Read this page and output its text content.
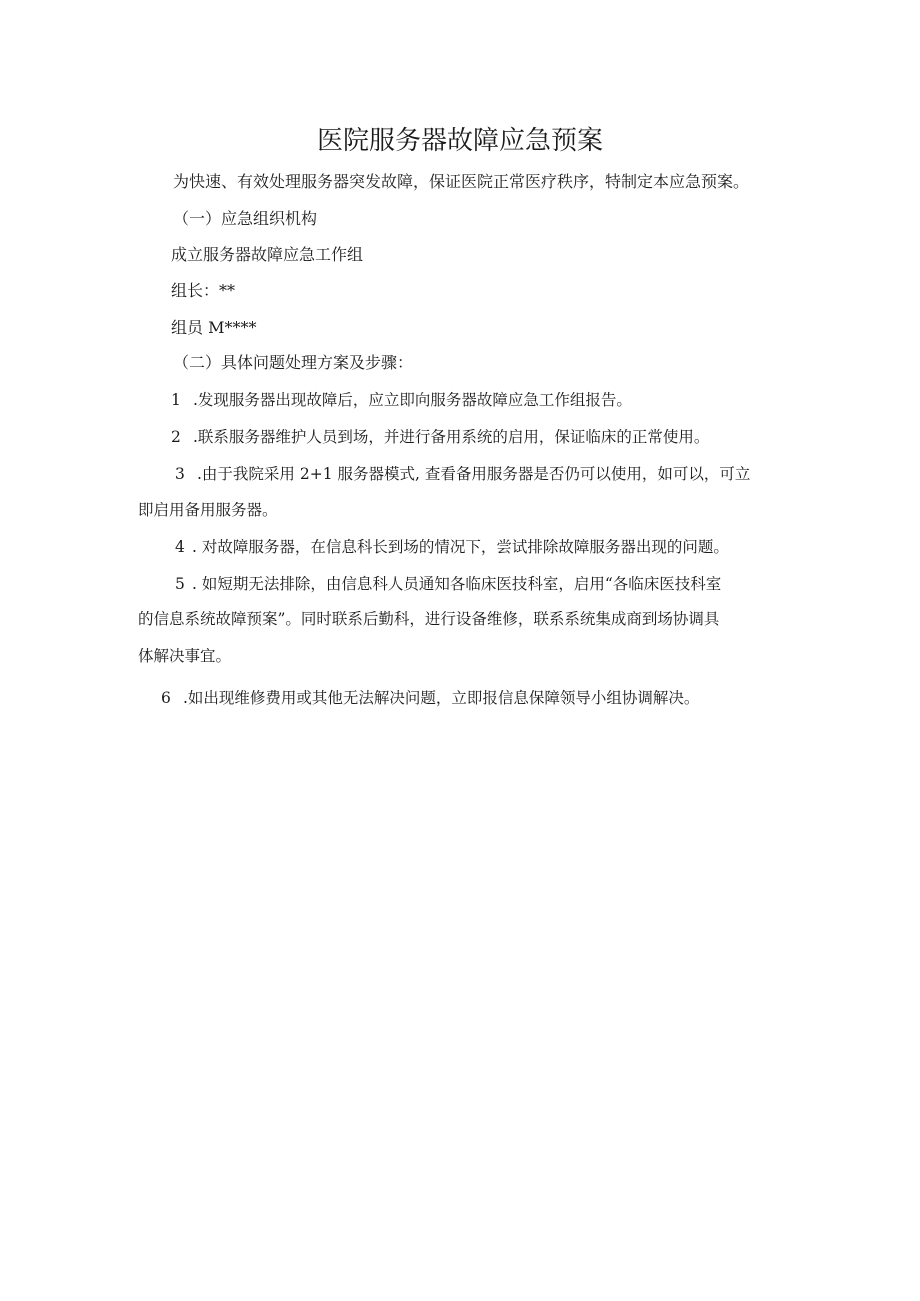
医院服务器故障应急预案
为快速、有效处理服务器突发故障，保证医院正常医疗秩序，特制定本应急预案。
（一）应急组织机构
成立服务器故障应急工作组
组长：**
组员 M****
（二）具体问题处理方案及步骤：
1 .发现服务器出现故障后，应立即向服务器故障应急工作组报告。
2 .联系服务器维护人员到场，并进行备用系统的启用，保证临床的正常使用。
3 .由于我院采用 2+1 服务器模式, 查看备用服务器是否仍可以使用，如可以，可立
即启用备用服务器。
4 . 对故障服务器，在信息科长到场的情况下，尝试排除故障服务器出现的问题。
5 . 如短期无法排除，由信息科人员通知各临床医技科室，启用“各临床医技科室
的信息系统故障预案”。同时联系后勤科，进行设备维修，联系系统集成商到场协调具
体解决事宜。
6 .如出现维修费用或其他无法解决问题，立即报信息保障领导小组协调解决。
